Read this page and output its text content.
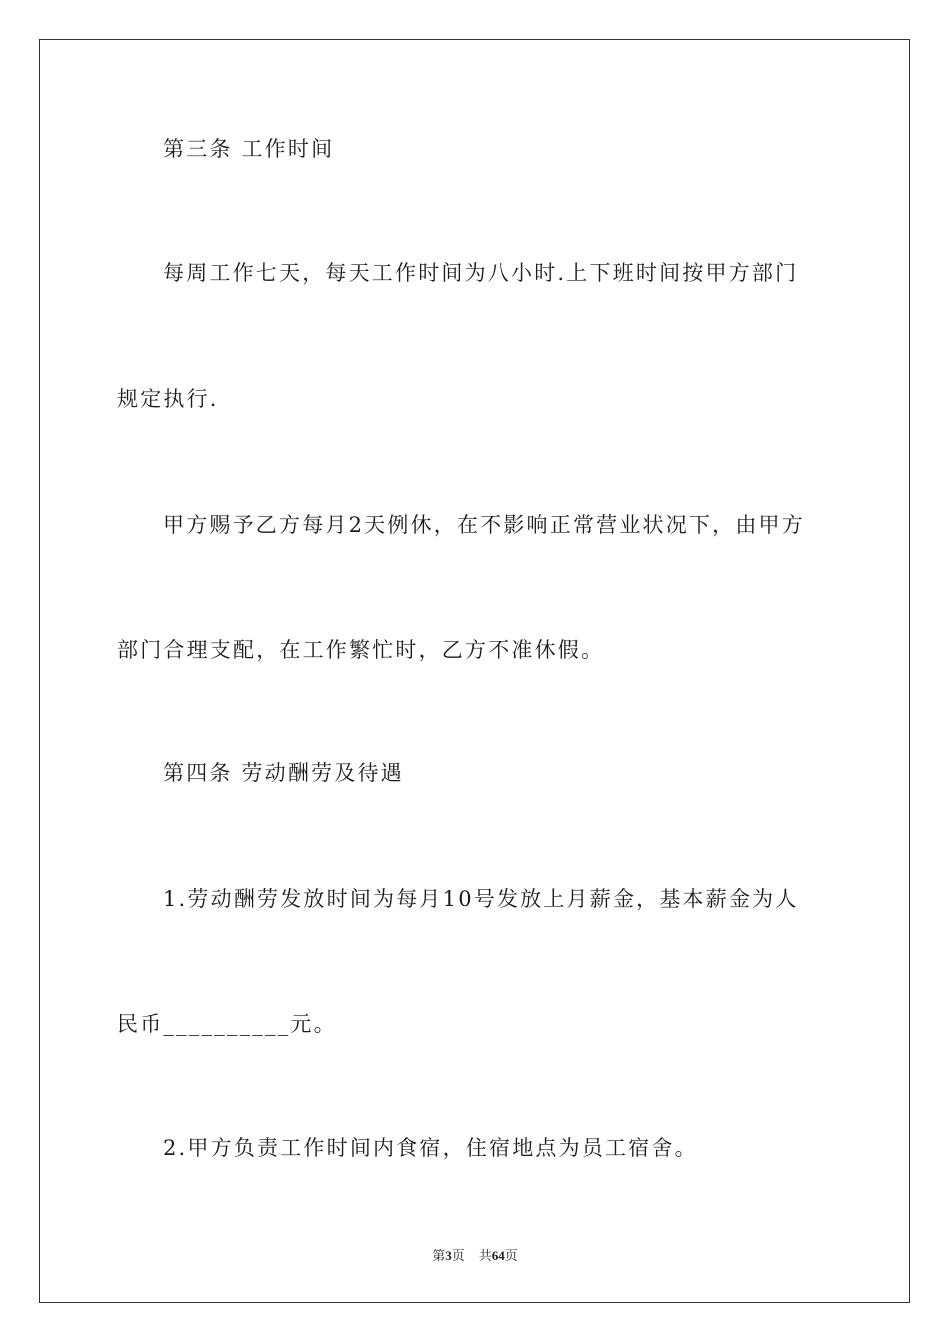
第三条 工作时间
每周工作七天，每天工作时间为八小时.上下班时间按甲方部门
规定执行.
甲方赐予乙方每月2天例休，在不影响正常营业状况下，由甲方
部门合理支配，在工作繁忙时，乙方不准休假。
第四条 劳动酬劳及待遇
1.劳动酬劳发放时间为每月10号发放上月薪金，基本薪金为人
民币__________元。
2.甲方负责工作时间内食宿，住宿地点为员工宿舍。
第3页 共64页
